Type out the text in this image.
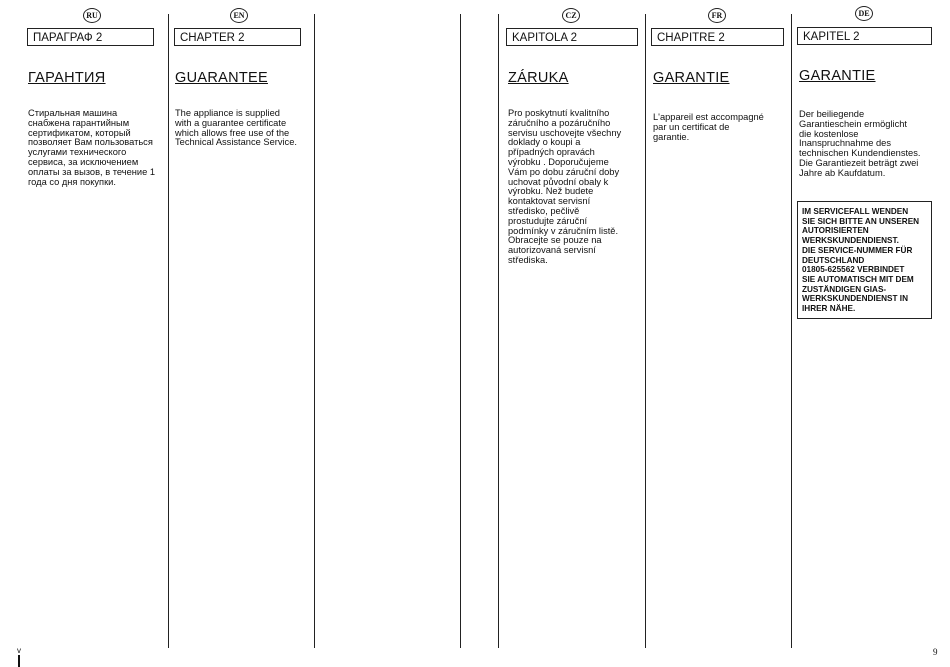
RU
ПАРАГРАФ 2
ГАРАНТИЯ
Стиральная машина
снабжена гарантийным
сертификатом, который
позволяет Вам пользоваться
услугами технического
сервиса, за исключением
оплаты за вызов, в течение 1
года со дня покупки.
EN
CHAPTER 2
GUARANTEE
The appliance is supplied
with a guarantee certificate
which allows free use of the
Technical Assistance Service.
CZ
KAPITOLA 2
ZÁRUKA
Pro poskytnutí kvalitního
záručního a pozáručního
servisu uschovejte všechny
doklady o koupi a
případných opravách
výrobku . Doporučujeme
Vám po dobu záruční doby
uchovat původní obaly k
výrobku. Než budete
kontaktovat servisní
středisko, pečlivě
prostudujte záruční
podmínky v záručním listě.
Obracejte se pouze na
autorizovaná servisní
střediska.
FR
CHAPITRE 2
GARANTIE
L'appareil est accompagné
par un certificat de
garantie.
DE
KAPITEL 2
GARANTIE
Der beiliegende
Garantieschein ermöglicht
die kostenlose
Inanspruchnahme des
technischen Kundendienstes.
Die Garantiezeit beträgt zwei
Jahre ab Kaufdatum.
IM SERVICEFALL WENDEN
SIE SICH BITTE AN UNSEREN
AUTORISIERTEN
WERKSKUNDENDIENST.
DIE SERVICE-NUMMER FÜR
DEUTSCHLAND
01805-625562 VERBINDET
SIE AUTOMATISCH MIT DEM
ZUSTÄNDIGEN GIAS-
WERKSKUNDENDIENST IN
IHRER NÄHE.
v	9
